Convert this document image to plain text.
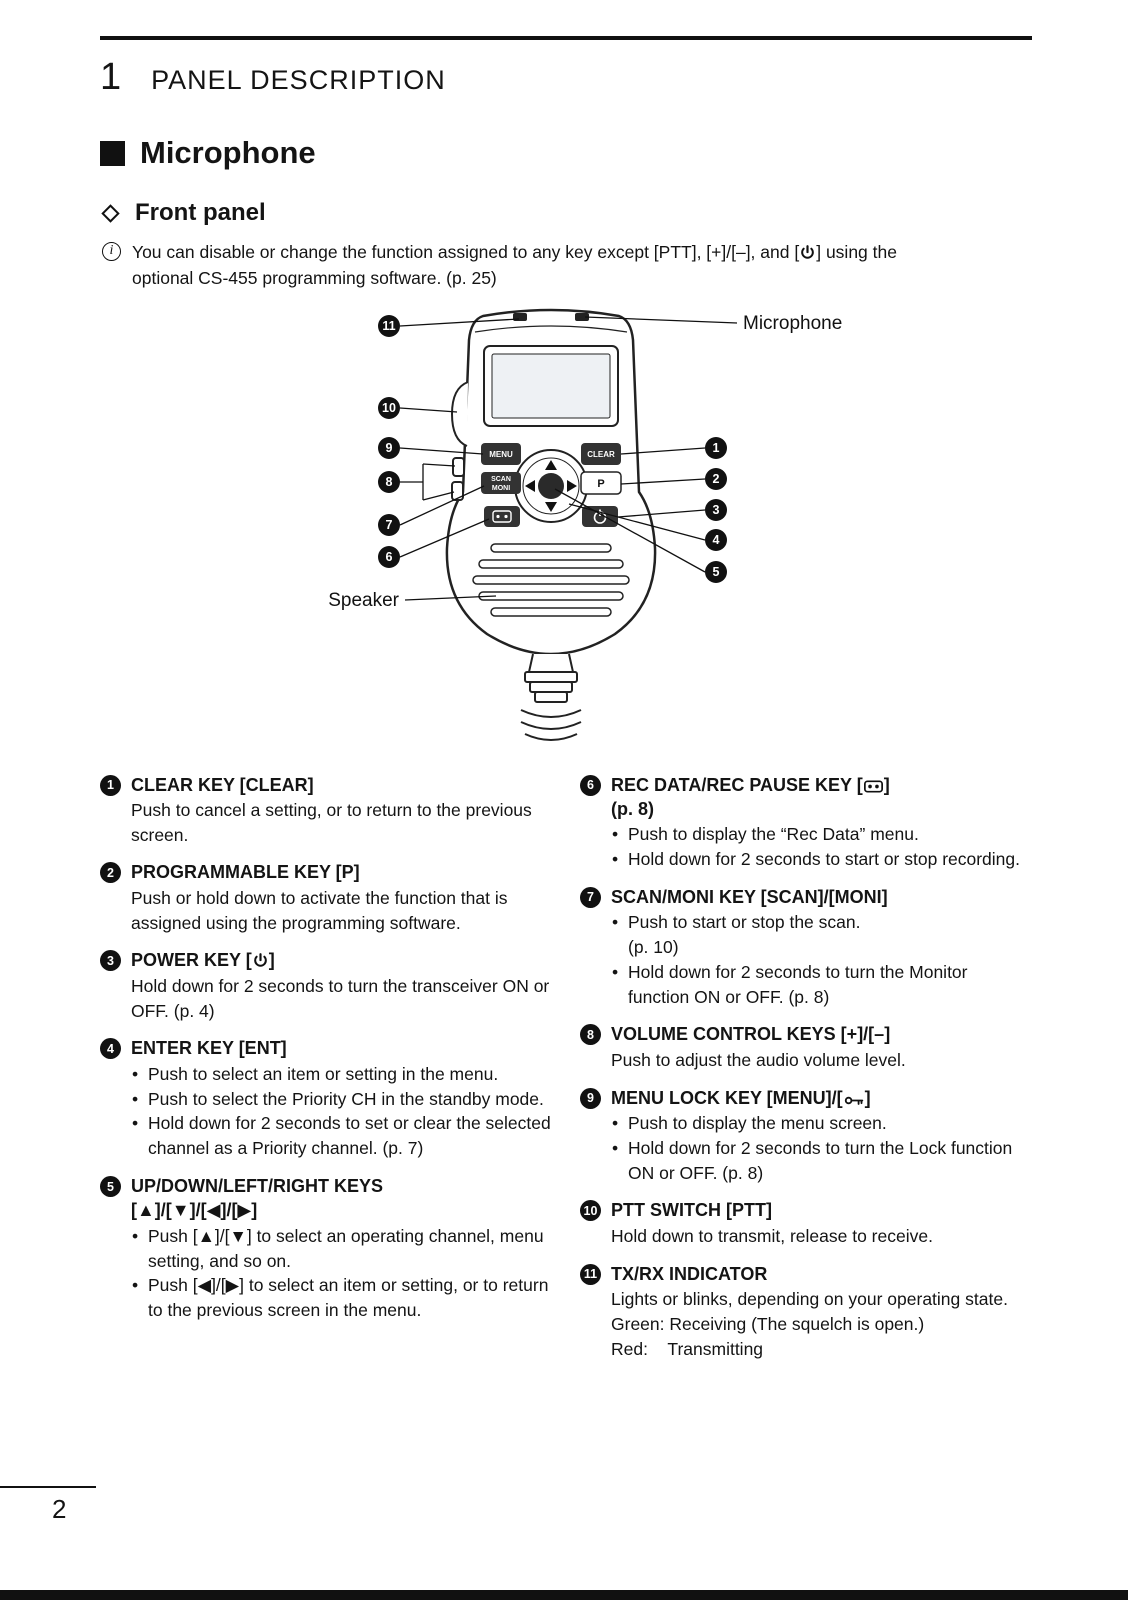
1 PANEL DESCRIPTION
Microphone
Front panel
i
You can disable or change the function assigned to any key except [PTT], [+]/[–], and [ ] using the optional CS-455 programming software. (p. 25)
MENU	CLEAR
SCAN
MONI	P
11
10
9
8
7
6
1
2
3
4
5
Microphone
Speaker
1 CLEAR KEY [CLEAR]
Push to cancel a setting, or to return to the previous screen.
2 PROGRAMMABLE KEY [P]
Push or hold down to activate the function that is assigned using the programming software.
3 POWER KEY [ ]
Hold down for 2 seconds to turn the transceiver ON or OFF. (p. 4)
4 ENTER KEY [ENT]
• Push to select an item or setting in the menu.
• Push to select the Priority CH in the standby mode.
• Hold down for 2 seconds to set or clear the selected channel as a Priority channel. (p. 7)
5 UP/DOWN/LEFT/RIGHT KEYS
[▲]/[▼]/[◀]/[▶]
• Push [▲]/[▼] to select an operating channel, menu setting, and so on.
• Push [◀]/[▶] to select an item or setting, or to return to the previous screen in the menu.
6 REC DATA/REC PAUSE KEY [ ]
(p. 8)
• Push to display the “Rec Data” menu.
• Hold down for 2 seconds to start or stop recording.
7 SCAN/MONI KEY [SCAN]/[MONI]
• Push to start or stop the scan.
(p. 10)
• Hold down for 2 seconds to turn the Monitor function ON or OFF. (p. 8)
8 VOLUME CONTROL KEYS [+]/[–]
Push to adjust the audio volume level.
9 MENU LOCK KEY [MENU]/[ ]
• Push to display the menu screen.
• Hold down for 2 seconds to turn the Lock function ON or OFF. (p. 8)
10 PTT SWITCH [PTT]
Hold down to transmit, release to receive.
11 TX/RX INDICATOR
Lights or blinks, depending on your operating state.
Green: Receiving (The squelch is open.)
Red:    Transmitting
2
